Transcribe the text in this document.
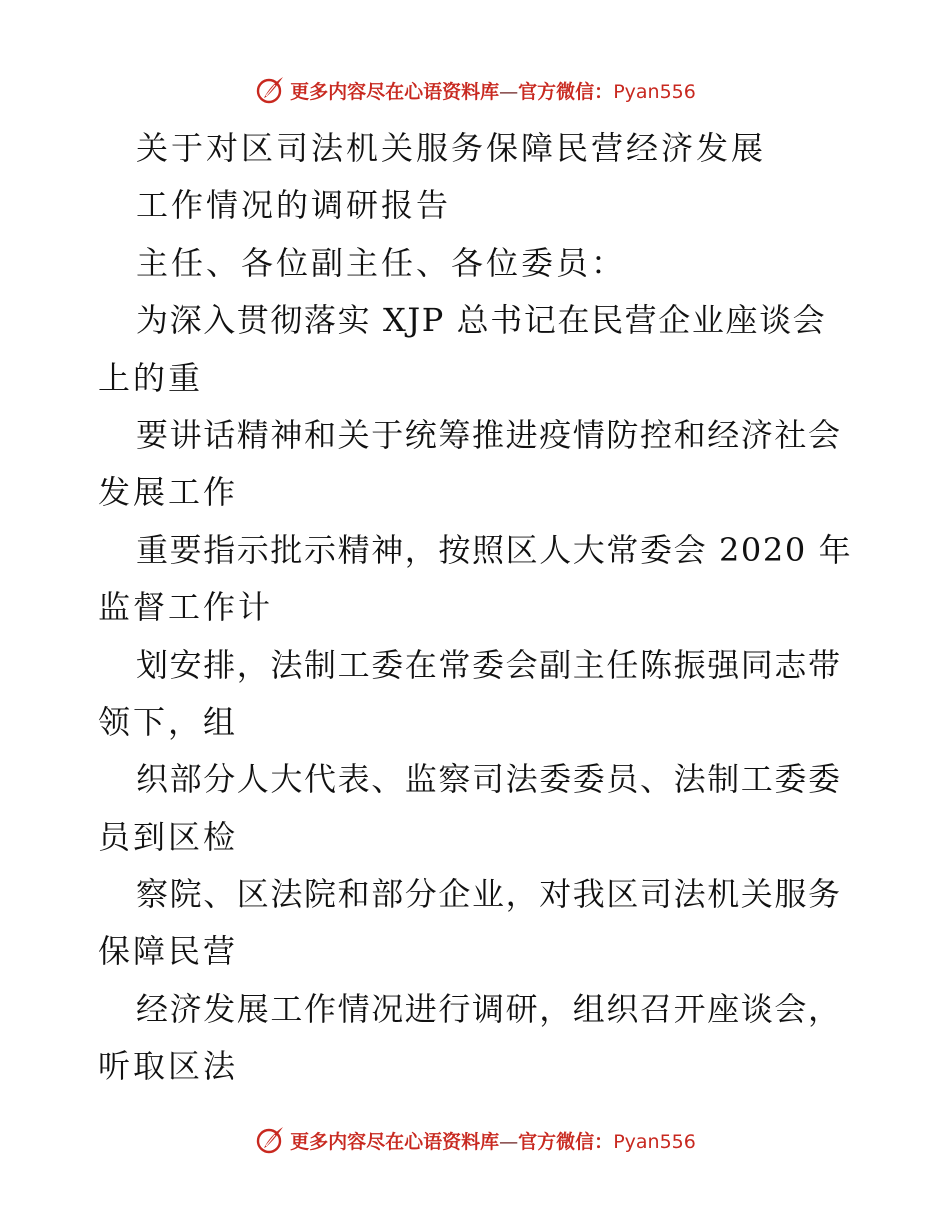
更多内容尽在心语资料库—官方微信：Pyan556
关于对区司法机关服务保障民营经济发展
工作情况的调研报告
主任、各位副主任、各位委员：
为深入贯彻落实 XJP 总书记在民营企业座谈会
上的重
要讲话精神和关于统筹推进疫情防控和经济社会
发展工作
重要指示批示精神，按照区人大常委会 2020 年
监督工作计
划安排，法制工委在常委会副主任陈振强同志带
领下，组
织部分人大代表、监察司法委委员、法制工委委
员到区检
察院、区法院和部分企业，对我区司法机关服务
保障民营
经济发展工作情况进行调研，组织召开座谈会，
听取区法
更多内容尽在心语资料库—官方微信：Pyan556
